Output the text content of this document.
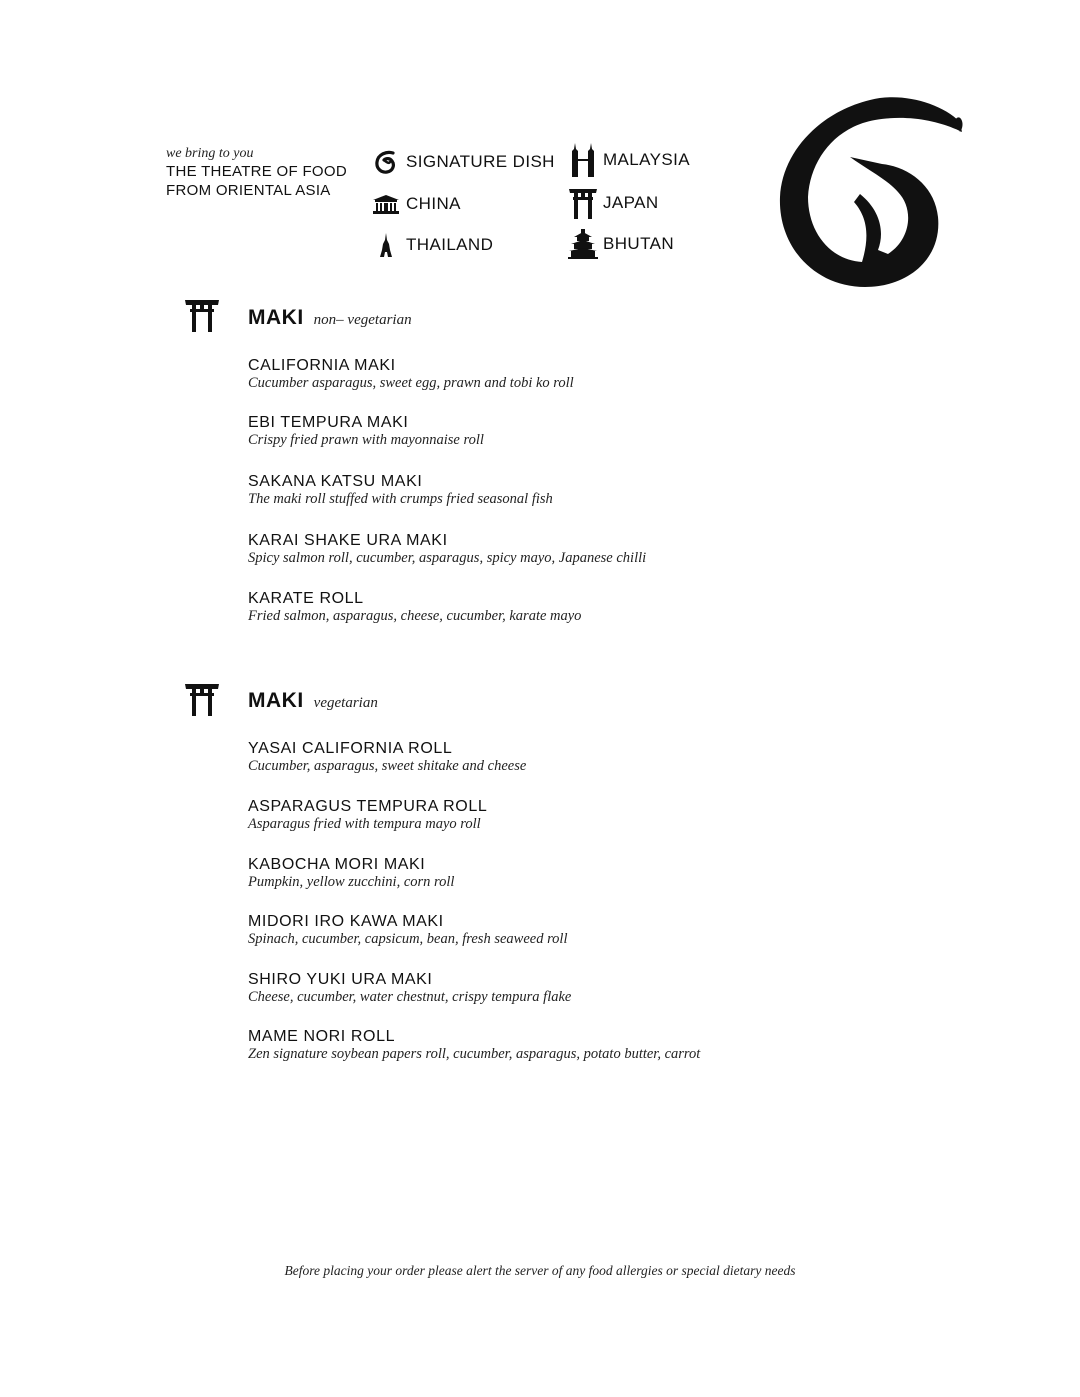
we bring to you
THE THEATRE OF FOOD
FROM ORIENTAL ASIA
SIGNATURE DISH
CHINA
THAILAND
MALAYSIA
JAPAN
BHUTAN
MAKI non– vegetarian
CALIFORNIA MAKI
Cucumber asparagus, sweet egg, prawn and tobi ko roll
EBI TEMPURA MAKI
Crispy fried prawn with mayonnaise roll
SAKANA KATSU MAKI
The maki roll stuffed with crumps fried seasonal fish
KARAI SHAKE URA MAKI
Spicy salmon roll, cucumber, asparagus, spicy mayo, Japanese chilli
KARATE ROLL
Fried salmon, asparagus, cheese, cucumber, karate mayo
MAKI vegetarian
YASAI CALIFORNIA ROLL
Cucumber, asparagus, sweet shitake and cheese
ASPARAGUS TEMPURA ROLL
Asparagus fried with tempura mayo roll
KABOCHA MORI MAKI
Pumpkin, yellow zucchini, corn roll
MIDORI IRO KAWA MAKI
Spinach, cucumber, capsicum, bean, fresh seaweed roll
SHIRO YUKI URA MAKI
Cheese, cucumber, water chestnut, crispy tempura flake
MAME NORI ROLL
Zen signature soybean papers roll, cucumber, asparagus, potato butter, carrot
Before placing your order please alert the server of any food allergies or special dietary needs
